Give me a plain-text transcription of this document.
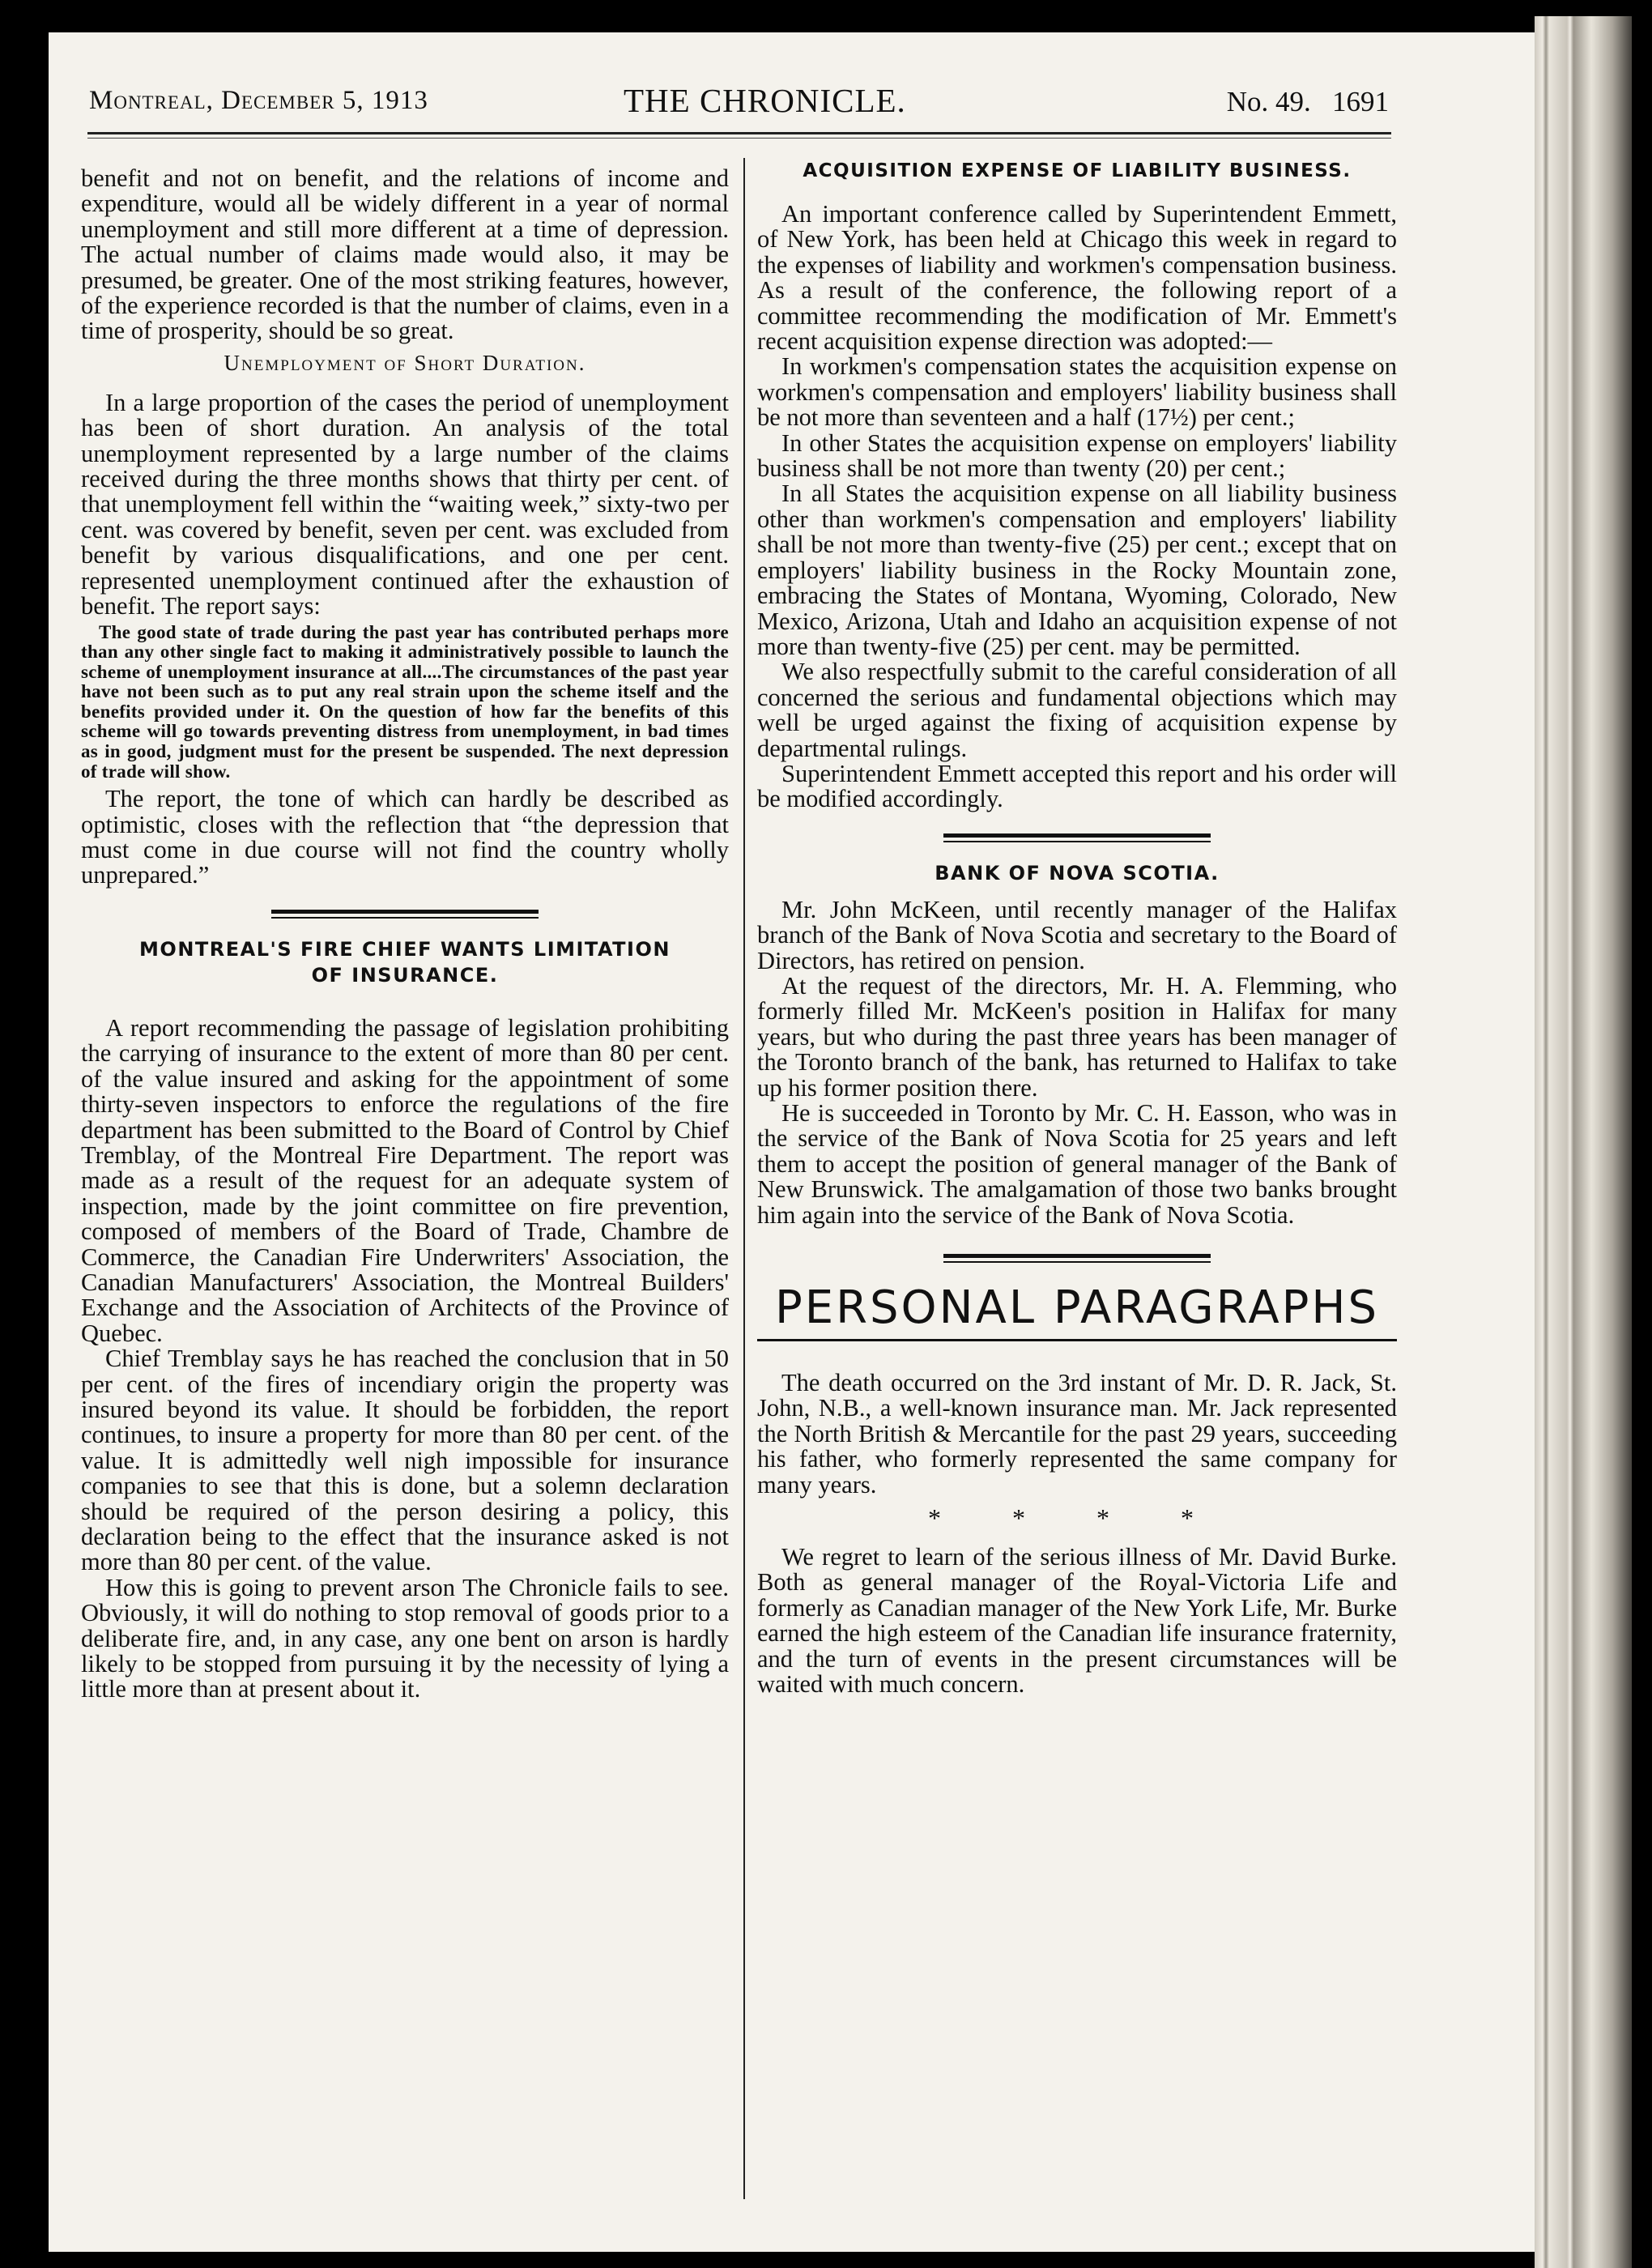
Montreal, December 5, 1913	THE CHRONICLE.	No. 49. 1691

benefit and not on benefit, and the relations of income and expenditure, would all be widely different in a year of normal unemployment and still more different at a time of depression. The actual number of claims made would also, it may be presumed, be greater. One of the most striking features, however, of the experience recorded is that the number of claims, even in a time of prosperity, should be so great.

Unemployment of Short Duration.

In a large proportion of the cases the period of unemployment has been of short duration. An analysis of the total unemployment represented by a large number of the claims received during the three months shows that thirty per cent. of that unemployment fell within the “waiting week,” sixty-two per cent. was covered by benefit, seven per cent. was excluded from benefit by various disqualifications, and one per cent. represented unemployment continued after the exhaustion of benefit. The report says:

The good state of trade during the past year has contributed perhaps more than any other single fact to making it administratively possible to launch the scheme of unemployment insurance at all....The circumstances of the past year have not been such as to put any real strain upon the scheme itself and the benefits provided under it. On the question of how far the benefits of this scheme will go towards preventing distress from unemployment, in bad times as in good, judgment must for the present be suspended. The next depression of trade will show.

The report, the tone of which can hardly be described as optimistic, closes with the reflection that “the depression that must come in due course will not find the country wholly unprepared.”

MONTREAL'S FIRE CHIEF WANTS LIMITATION
OF INSURANCE.

A report recommending the passage of legislation prohibiting the carrying of insurance to the extent of more than 80 per cent. of the value insured and asking for the appointment of some thirty-seven inspectors to enforce the regulations of the fire department has been submitted to the Board of Control by Chief Tremblay, of the Montreal Fire Department. The report was made as a result of the request for an adequate system of inspection, made by the joint committee on fire prevention, composed of members of the Board of Trade, Chambre de Commerce, the Canadian Fire Underwriters' Association, the Canadian Manufacturers' Association, the Montreal Builders' Exchange and the Association of Architects of the Province of Quebec.

Chief Tremblay says he has reached the conclusion that in 50 per cent. of the fires of incendiary origin the property was insured beyond its value. It should be forbidden, the report continues, to insure a property for more than 80 per cent. of the value. It is admittedly well nigh impossible for insurance companies to see that this is done, but a solemn declaration should be required of the person desiring a policy, this declaration being to the effect that the insurance asked is not more than 80 per cent. of the value.

How this is going to prevent arson The Chronicle fails to see. Obviously, it will do nothing to stop removal of goods prior to a deliberate fire, and, in any case, any one bent on arson is hardly likely to be stopped from pursuing it by the necessity of lying a little more than at present about it.

ACQUISITION EXPENSE OF LIABILITY BUSINESS.

An important conference called by Superintendent Emmett, of New York, has been held at Chicago this week in regard to the expenses of liability and workmen's compensation business. As a result of the conference, the following report of a committee recommending the modification of Mr. Emmett's recent acquisition expense direction was adopted:—

In workmen's compensation states the acquisition expense on workmen's compensation and employers' liability business shall be not more than seventeen and a half (17½) per cent.;

In other States the acquisition expense on employers' liability business shall be not more than twenty (20) per cent.;

In all States the acquisition expense on all liability business other than workmen's compensation and employers' liability shall be not more than twenty-five (25) per cent.; except that on employers' liability business in the Rocky Mountain zone, embracing the States of Montana, Wyoming, Colorado, New Mexico, Arizona, Utah and Idaho an acquisition expense of not more than twenty-five (25) per cent. may be permitted.

We also respectfully submit to the careful consideration of all concerned the serious and fundamental objections which may well be urged against the fixing of acquisition expense by departmental rulings.

Superintendent Emmett accepted this report and his order will be modified accordingly.

BANK OF NOVA SCOTIA.

Mr. John McKeen, until recently manager of the Halifax branch of the Bank of Nova Scotia and secretary to the Board of Directors, has retired on pension.

At the request of the directors, Mr. H. A. Flemming, who formerly filled Mr. McKeen's position in Halifax for many years, but who during the past three years has been manager of the Toronto branch of the bank, has returned to Halifax to take up his former position there.

He is succeeded in Toronto by Mr. C. H. Easson, who was in the service of the Bank of Nova Scotia for 25 years and left them to accept the position of general manager of the Bank of New Brunswick. The amalgamation of those two banks brought him again into the service of the Bank of Nova Scotia.

PERSONAL PARAGRAPHS

The death occurred on the 3rd instant of Mr. D. R. Jack, St. John, N.B., a well-known insurance man. Mr. Jack represented the North British & Mercantile for the past 29 years, succeeding his father, who formerly represented the same company for many years.

* * * *

We regret to learn of the serious illness of Mr. David Burke. Both as general manager of the Royal-Victoria Life and formerly as Canadian manager of the New York Life, Mr. Burke earned the high esteem of the Canadian life insurance fraternity, and the turn of events in the present circumstances will be waited with much concern.
